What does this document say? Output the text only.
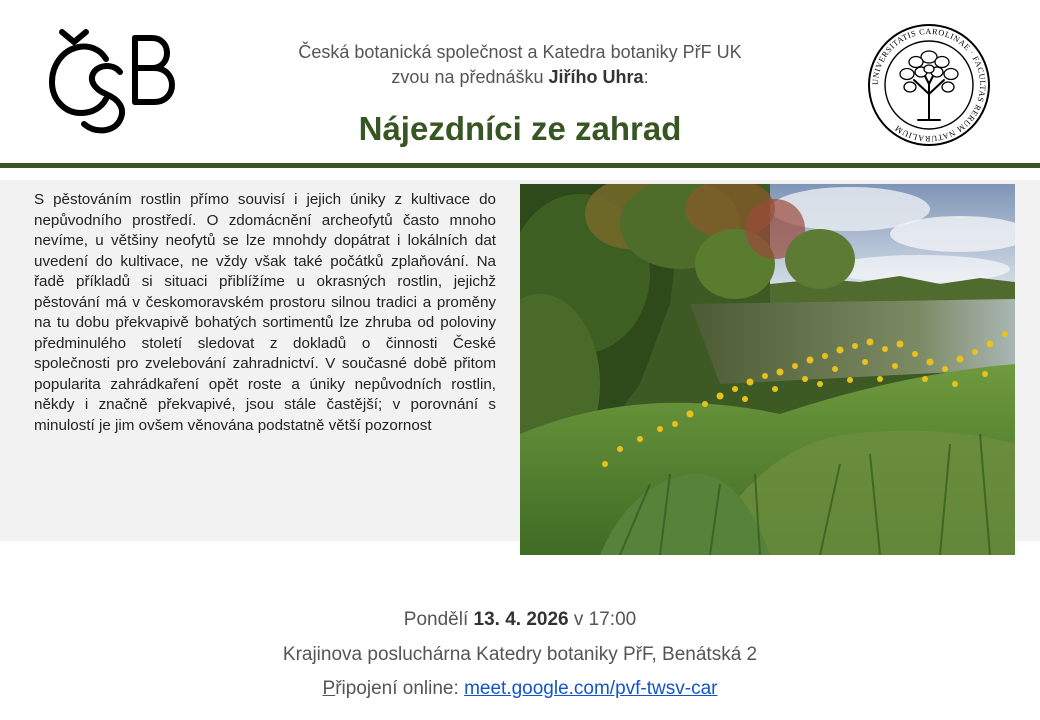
Česká botanická společnost a Katedra botaniky PřF UK
zvou na přednášku Jiřího Uhra:
Nájezdníci ze zahrad
UNIVERSITATIS CAROLINAE · FACULTAS RERUM NATURALIUM
S pěstováním rostlin přímo souvisí i jejich úniky z kultivace do nepůvodního prostředí. O zdomácnění archeofytů často mnoho nevíme, u většiny neofytů se lze mnohdy dopátrat i lokálních dat uvedení do kultivace, ne vždy však také počátků zplaňování. Na řadě příkladů si situaci přiblížíme u okrasných rostlin, jejichž pěstování má v českomoravském prostoru silnou tradici a proměny na tu dobu překvapivě bohatých sortimentů lze zhruba od poloviny předminulého století sledovat z dokladů o činnosti České společnosti pro zvelebování zahradnictví. V současné době přitom popularita zahrádkaření opět roste a úniky nepůvodních rostlin, někdy i značně překvapivé, jsou stále častější; v porovnání s minulostí je jim ovšem věnována podstatně větší pozornost
Pondělí 13. 4. 2026 v 17:00
Krajinova posluchárna Katedry botaniky PřF, Benátská 2
Připojení online: meet.google.com/pvf-twsv-car
